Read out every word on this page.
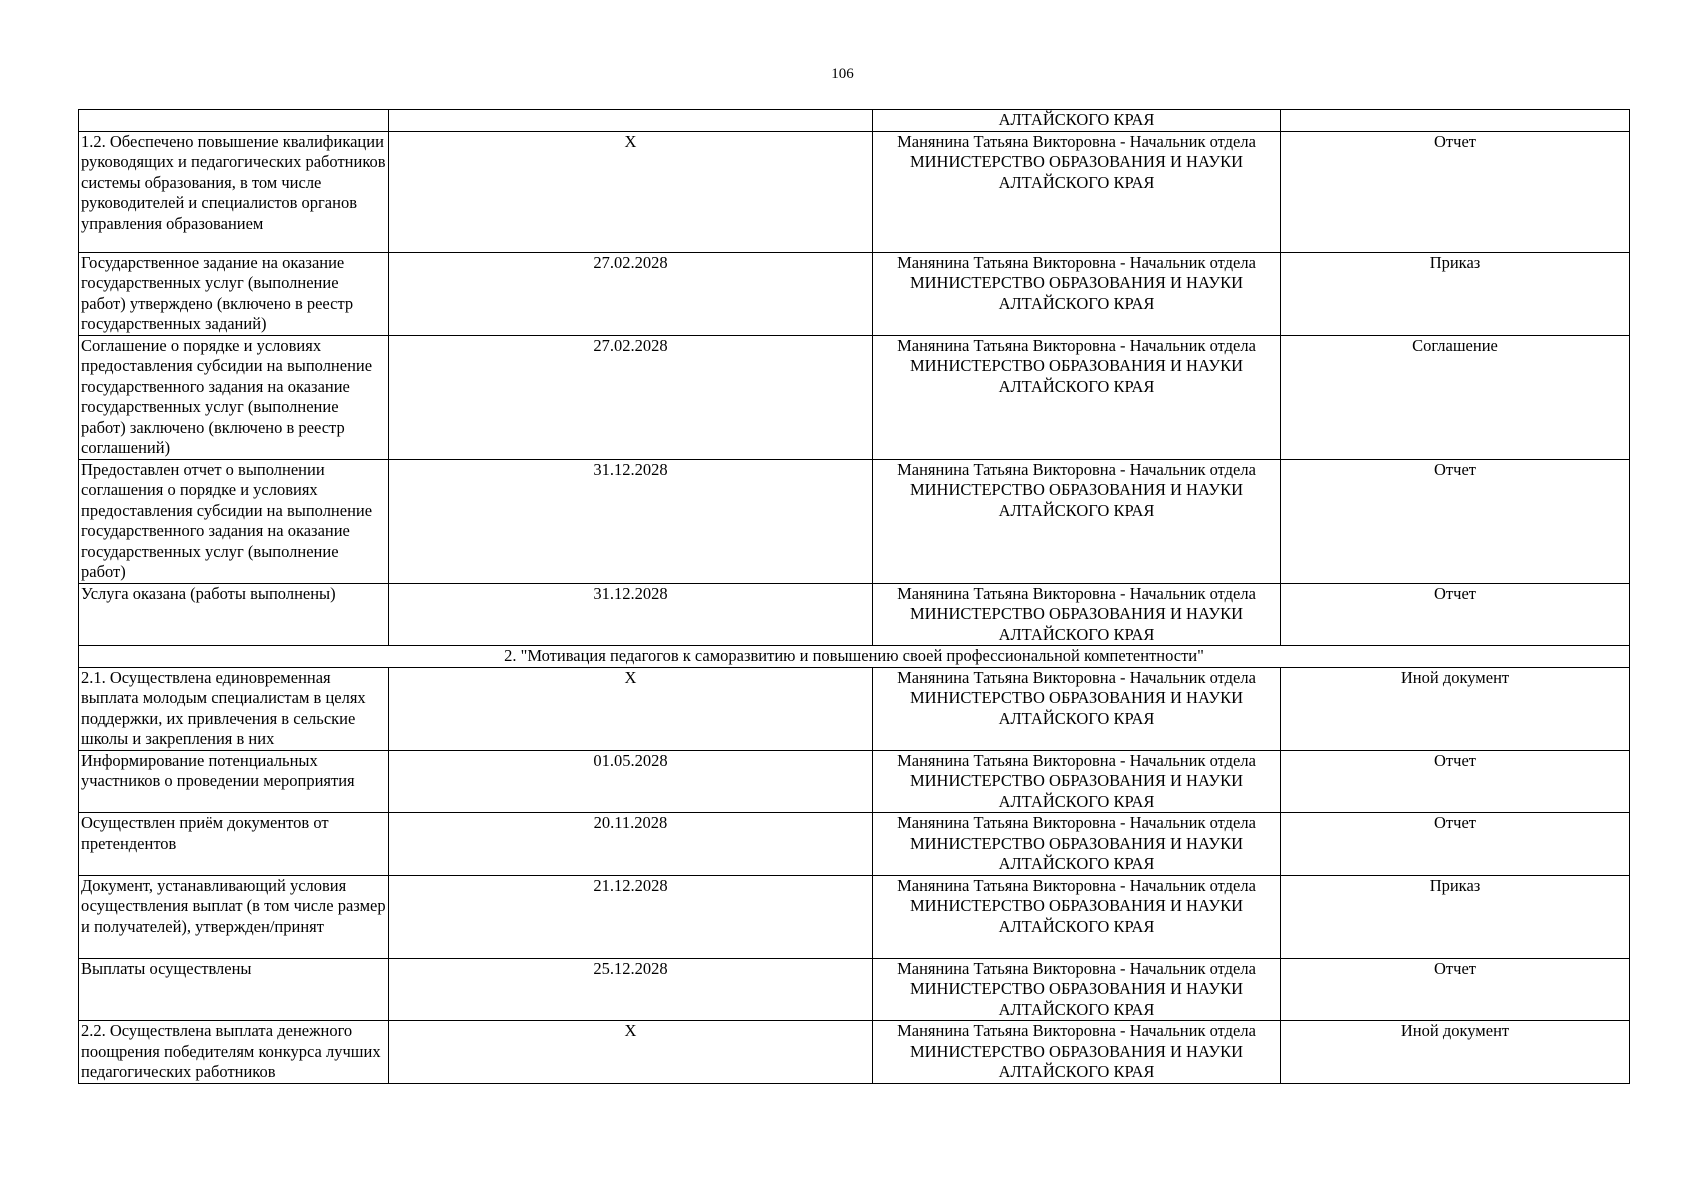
106
		АЛТАЙСКОГО КРАЯ	
1.2. Обеспечено повышение квалификации руководящих и педагогических работников системы образования, в том числе руководителей и специалистов органов управления образованием	X	Манянина Татьяна Викторовна - Начальник отдела
МИНИСТЕРСТВО ОБРАЗОВАНИЯ И НАУКИ
АЛТАЙСКОГО КРАЯ	Отчет
Государственное задание на оказание государственных услуг (выполнение работ) утверждено (включено в реестр государственных заданий)	27.02.2028	Манянина Татьяна Викторовна - Начальник отдела
МИНИСТЕРСТВО ОБРАЗОВАНИЯ И НАУКИ
АЛТАЙСКОГО КРАЯ	Приказ
Соглашение о порядке и условиях предоставления субсидии на выполнение государственного задания на оказание государственных услуг (выполнение работ) заключено (включено в реестр соглашений)	27.02.2028	Манянина Татьяна Викторовна - Начальник отдела
МИНИСТЕРСТВО ОБРАЗОВАНИЯ И НАУКИ
АЛТАЙСКОГО КРАЯ	Соглашение
Предоставлен отчет о выполнении соглашения о порядке и условиях предоставления субсидии на выполнение государственного задания на оказание государственных услуг (выполнение работ)	31.12.2028	Манянина Татьяна Викторовна - Начальник отдела
МИНИСТЕРСТВО ОБРАЗОВАНИЯ И НАУКИ
АЛТАЙСКОГО КРАЯ	Отчет
Услуга оказана (работы выполнены)	31.12.2028	Манянина Татьяна Викторовна - Начальник отдела
МИНИСТЕРСТВО ОБРАЗОВАНИЯ И НАУКИ
АЛТАЙСКОГО КРАЯ	Отчет
2. "Мотивация педагогов к саморазвитию и повышению своей профессиональной компетентности"			
2.1. Осуществлена единовременная выплата молодым специалистам в целях поддержки, их привлечения в сельские школы и закрепления в них	X	Манянина Татьяна Викторовна - Начальник отдела
МИНИСТЕРСТВО ОБРАЗОВАНИЯ И НАУКИ
АЛТАЙСКОГО КРАЯ	Иной документ
Информирование потенциальных участников о проведении мероприятия	01.05.2028	Манянина Татьяна Викторовна - Начальник отдела
МИНИСТЕРСТВО ОБРАЗОВАНИЯ И НАУКИ
АЛТАЙСКОГО КРАЯ	Отчет
Осуществлен приём документов от претендентов	20.11.2028	Манянина Татьяна Викторовна - Начальник отдела
МИНИСТЕРСТВО ОБРАЗОВАНИЯ И НАУКИ
АЛТАЙСКОГО КРАЯ	Отчет
Документ, устанавливающий условия осуществления выплат (в том числе размер и получателей), утвержден/принят	21.12.2028	Манянина Татьяна Викторовна - Начальник отдела
МИНИСТЕРСТВО ОБРАЗОВАНИЯ И НАУКИ
АЛТАЙСКОГО КРАЯ	Приказ
Выплаты осуществлены	25.12.2028	Манянина Татьяна Викторовна - Начальник отдела
МИНИСТЕРСТВО ОБРАЗОВАНИЯ И НАУКИ
АЛТАЙСКОГО КРАЯ	Отчет
2.2. Осуществлена выплата денежного поощрения победителям конкурса лучших педагогических работников	X	Манянина Татьяна Викторовна - Начальник отдела
МИНИСТЕРСТВО ОБРАЗОВАНИЯ И НАУКИ
АЛТАЙСКОГО КРАЯ	Иной документ
